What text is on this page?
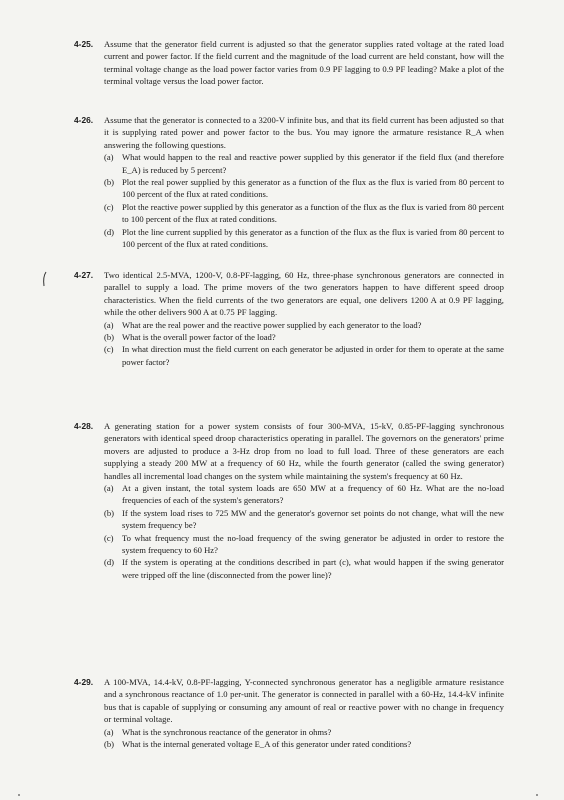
4-25.	Assume that the generator field current is adjusted so that the generator supplies rated voltage at the rated load current and power factor. If the field current and the magnitude of the load current are held constant, how will the terminal voltage change as the load power factor varies from 0.9 PF lagging to 0.9 PF leading? Make a plot of the terminal voltage versus the load power factor.
4-26.	Assume that the generator is connected to a 3200-V infinite bus, and that its field current has been adjusted so that it is supplying rated power and power factor to the bus. You may ignore the armature resistance R_A when answering the following questions.
(a) What would happen to the real and reactive power supplied by this generator if the field flux (and therefore E_A) is reduced by 5 percent?
(b) Plot the real power supplied by this generator as a function of the flux as the flux is varied from 80 percent to 100 percent of the flux at rated conditions.
(c) Plot the reactive power supplied by this generator as a function of the flux as the flux is varied from 80 percent to 100 percent of the flux at rated conditions.
(d) Plot the line current supplied by this generator as a function of the flux as the flux is varied from 80 percent to 100 percent of the flux at rated conditions.
4-27.	Two identical 2.5-MVA, 1200-V, 0.8-PF-lagging, 60 Hz, three-phase synchronous generators are connected in parallel to supply a load. The prime movers of the two generators happen to have different speed droop characteristics. When the field currents of the two generators are equal, one delivers 1200 A at 0.9 PF lagging, while the other delivers 900 A at 0.75 PF lagging.
(a) What are the real power and the reactive power supplied by each generator to the load?
(b) What is the overall power factor of the load?
(c) In what direction must the field current on each generator be adjusted in order for them to operate at the same power factor?
4-28.	A generating station for a power system consists of four 300-MVA, 15-kV, 0.85-PF-lagging synchronous generators with identical speed droop characteristics operating in parallel. The governors on the generators' prime movers are adjusted to produce a 3-Hz drop from no load to full load. Three of these generators are each supplying a steady 200 MW at a frequency of 60 Hz, while the fourth generator (called the swing generator) handles all incremental load changes on the system while maintaining the system's frequency at 60 Hz.
(a) At a given instant, the total system loads are 650 MW at a frequency of 60 Hz. What are the no-load frequencies of each of the system's generators?
(b) If the system load rises to 725 MW and the generator's governor set points do not change, what will the new system frequency be?
(c) To what frequency must the no-load frequency of the swing generator be adjusted in order to restore the system frequency to 60 Hz?
(d) If the system is operating at the conditions described in part (c), what would happen if the swing generator were tripped off the line (disconnected from the power line)?
4-29.	A 100-MVA, 14.4-kV, 0.8-PF-lagging, Y-connected synchronous generator has a negligible armature resistance and a synchronous reactance of 1.0 per-unit. The generator is connected in parallel with a 60-Hz, 14.4-kV infinite bus that is capable of supplying or consuming any amount of real or reactive power with no change in frequency or terminal voltage.
(a) What is the synchronous reactance of the generator in ohms?
(b) What is the internal generated voltage E_A of this generator under rated conditions?
